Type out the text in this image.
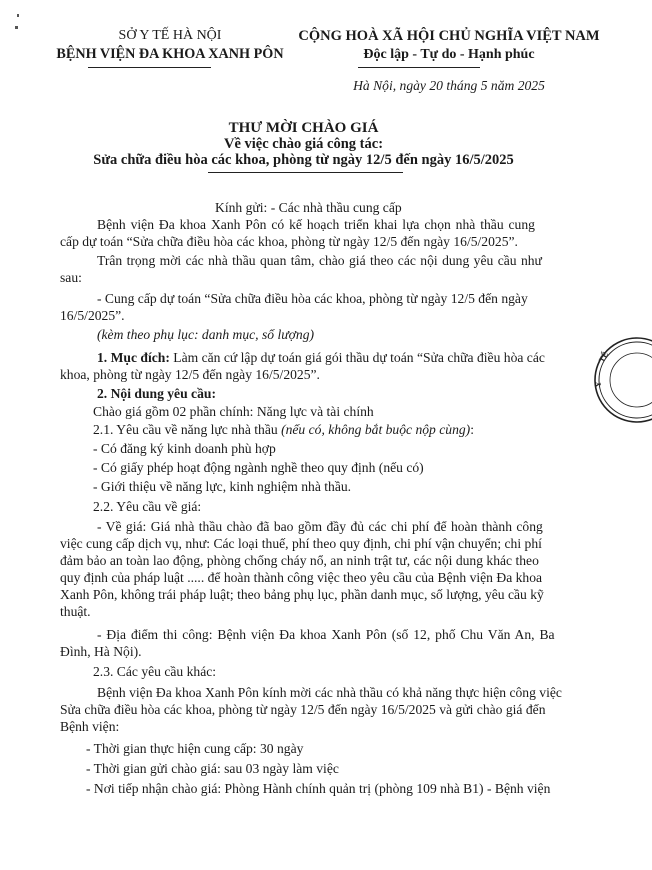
SỞ Y TẾ HÀ NỘI
BỆNH VIỆN ĐA KHOA XANH PÔN
CỘNG HOÀ XÃ HỘI CHỦ NGHĨA VIỆT NAM
Độc lập - Tự do - Hạnh phúc
Hà Nội, ngày 20 tháng 5 năm 2025
THƯ MỜI CHÀO GIÁ
Về việc chào giá công tác:
Sửa chữa điều hòa các khoa, phòng từ ngày 12/5 đến ngày 16/5/2025
Kính gửi: - Các nhà thầu cung cấp
Bệnh viện Đa khoa Xanh Pôn có kế hoạch triển khai lựa chọn nhà thầu cung
cấp dự toán “Sửa chữa điều hòa các khoa, phòng từ ngày 12/5 đến ngày 16/5/2025”.
Trân trọng mời các nhà thầu quan tâm, chào giá theo các nội dung yêu cầu như
sau:
- Cung cấp dự toán “Sửa chữa điều hòa các khoa, phòng từ ngày 12/5 đến ngày
16/5/2025”.
(kèm theo phụ lục: danh mục, số lượng)
1. Mục đích: Làm căn cứ lập dự toán giá gói thầu dự toán “Sửa chữa điều hòa các
khoa, phòng từ ngày 12/5 đến ngày 16/5/2025”.
2. Nội dung yêu cầu:
Chào giá gồm 02 phần chính: Năng lực và tài chính
2.1. Yêu cầu về năng lực nhà thầu (nếu có, không bắt buộc nộp cùng):
- Có đăng ký kinh doanh phù hợp
- Có giấy phép hoạt động ngành nghề theo quy định (nếu có)
- Giới thiệu về năng lực, kinh nghiệm nhà thầu.
2.2. Yêu cầu về giá:
- Về giá: Giá nhà thầu chào đã bao gồm đầy đủ các chi phí để hoàn thành công
việc cung cấp dịch vụ, như: Các loại thuế, phí theo quy định, chi phí vận chuyển; chi phí
đảm bảo an toàn lao động, phòng chống cháy nổ, an ninh trật tư, các nội dung khác theo
quy định của pháp luật ..... để hoàn thành công việc theo yêu cầu của Bệnh viện Đa khoa
Xanh Pôn, không trái pháp luật; theo bảng phụ lục, phần danh mục, số lượng, yêu cầu kỹ
thuật.
- Địa điểm thi công: Bệnh viện Đa khoa Xanh Pôn (số 12, phố Chu Văn An, Ba
Đình, Hà Nội).
2.3. Các yêu cầu khác:
Bệnh viện Đa khoa Xanh Pôn kính mời các nhà thầu có khả năng thực hiện công việc
Sửa chữa điều hòa các khoa, phòng từ ngày 12/5 đến ngày 16/5/2025 và gửi chào giá đến
Bệnh viện:
- Thời gian thực hiện cung cấp: 30 ngày
- Thời gian gửi chào giá: sau 03 ngày làm việc
- Nơi tiếp nhận chào giá: Phòng Hành chính quản trị (phòng 109 nhà B1) - Bệnh viện
TẾ
Y
